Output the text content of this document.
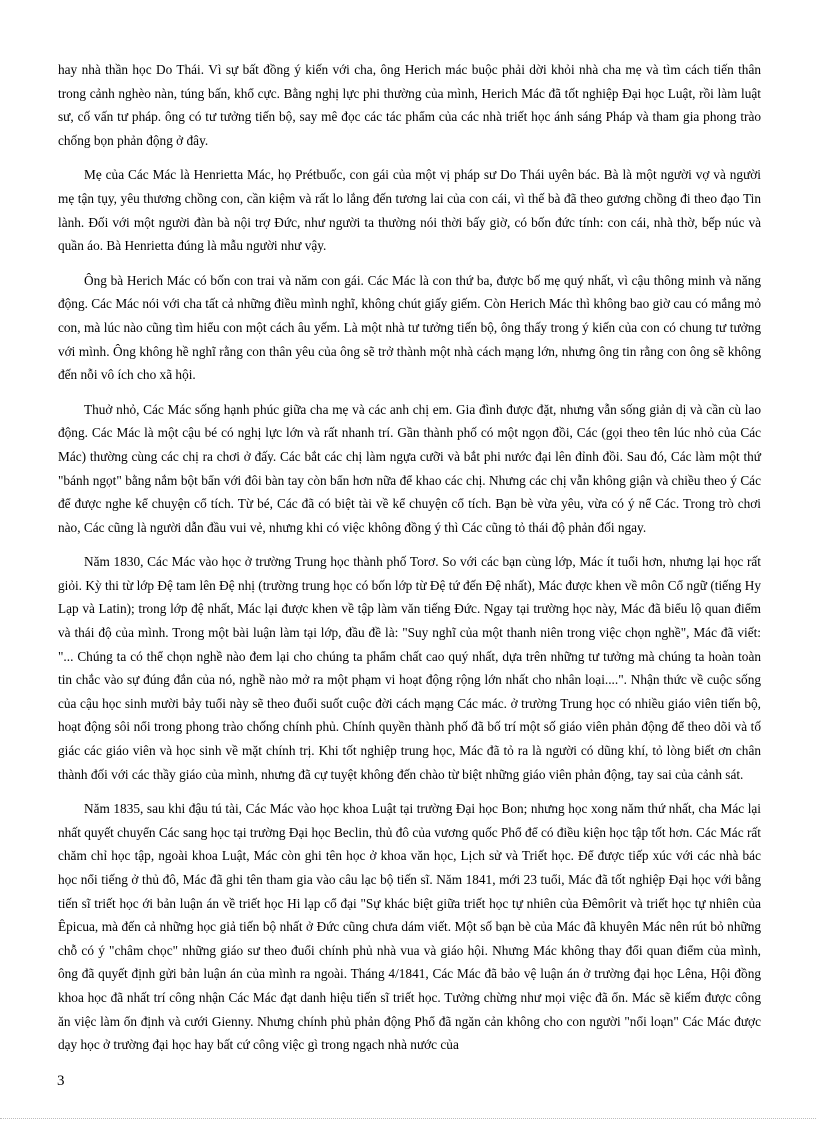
hay nhà thần học Do Thái. Vì sự bất đồng ý kiến với cha, ông Herich mác buộc phải dời khỏi nhà cha mẹ và tìm cách tiến thân trong cảnh nghèo nàn, túng bấn, khổ cực. Bằng nghị lực phi thường của mình, Herich Mác đã tốt nghiệp Đại học Luật, rồi làm luật sư, cố vấn tư pháp. ông có tư tưởng tiến bộ, say mê đọc các tác phẩm của các nhà triết học ánh sáng Pháp và tham gia phong trào chống bọn phản động ở đây.

Mẹ của Các Mác là Henrietta Mác, họ Prétbuốc, con gái của một vị pháp sư Do Thái uyên bác. Bà là một người vợ và người mẹ tận tụy, yêu thương chồng con, cần kiệm và rất lo lắng đến tương lai của con cái, vì thế bà đã theo gương chồng đi theo đạo Tin lành. Đối với một người đàn bà nội trợ Đức, như người ta thường nói thời bấy giờ, có bốn đức tính: con cái, nhà thờ, bếp núc và quần áo. Bà Henrietta đúng là mẫu người như vậy.

Ông bà Herich Mác có bốn con trai và năm con gái. Các Mác là con thứ ba, được bố mẹ quý nhất, vì cậu thông minh và năng động. Các Mác nói với cha tất cả những điều mình nghĩ, không chút giấy giếm. Còn Herich Mác thì không bao giờ cau có mắng mỏ con, mà lúc nào cũng tìm hiểu con một cách âu yếm. Là một nhà tư tưởng tiến bộ, ông thấy trong ý kiến của con có chung tư tưởng với mình. Ông không hề nghĩ rằng con thân yêu của ông sẽ trở thành một nhà cách mạng lớn, nhưng ông tin rằng con ông sẽ không đến nỗi vô ích cho xã hội.

Thuở nhỏ, Các Mác sống hạnh phúc giữa cha mẹ và các anh chị em. Gia đình được đặt, nhưng vẫn sống giản dị và cần cù lao động. Các Mác là một cậu bé có nghị lực lớn và rất nhanh trí. Gần thành phố có một ngọn đồi, Các (gọi theo tên lúc nhỏ của Các Mác) thường cùng các chị ra chơi ở đấy. Các bắt các chị làm ngựa cưỡi và bắt phi nước đại lên đỉnh đồi. Sau đó, Các làm một thứ "bánh ngọt" bằng nắm bột bẩn với đôi bàn tay còn bẩn hơn nữa để khao các chị. Nhưng các chị vẫn không giận và chiều theo ý Các để được nghe kể chuyện cổ tích. Từ bé, Các đã có biệt tài về kể chuyện cổ tích. Bạn bè vừa yêu, vừa có ý nể Các. Trong trò chơi nào, Các cũng là người dẫn đầu vui vẻ, nhưng khi có việc không đồng ý thì Các cũng tỏ thái độ phản đối ngay.

Năm 1830, Các Mác vào học ở trường Trung học thành phố Torơ. So với các bạn cùng lớp, Mác ít tuổi hơn, nhưng lại học rất giỏi. Kỳ thi từ lớp Đệ tam lên Đệ nhị (trường trung học có bốn lớp từ Đệ tứ đến Đệ nhất), Mác được khen về môn Cổ ngữ (tiếng Hy Lạp và Latin); trong lớp đệ nhất, Mác lại được khen về tập làm văn tiếng Đức. Ngay tại trường học này, Mác đã biểu lộ quan điểm và thái độ của mình. Trong một bài luận làm tại lớp, đầu đề là: "Suy nghĩ của một thanh niên trong việc chọn nghề", Mác đã viết: "... Chúng ta có thể chọn nghề nào đem lại cho chúng ta phẩm chất cao quý nhất, dựa trên những tư tưởng mà chúng ta hoàn toàn tin chắc vào sự đúng đắn của nó, nghề nào mở ra một phạm vi hoạt động rộng lớn nhất cho nhân loại....". Nhận thức về cuộc sống của cậu học sinh mười bảy tuổi này sẽ theo đuổi suốt cuộc đời cách mạng Các mác. ở trường Trung học có nhiều giáo viên tiến bộ, hoạt động sôi nổi trong phong trào chống chính phủ. Chính quyền thành phố đã bố trí một số giáo viên phản động để theo dõi và tố giác các giáo viên và học sinh về mặt chính trị. Khi tốt nghiệp trung học, Mác đã tỏ ra là người có dũng khí, tỏ lòng biết ơn chân thành đối với các thầy giáo của mình, nhưng đã cự tuyệt không đến chào từ biệt những giáo viên phản động, tay sai của cảnh sát.

Năm 1835, sau khi đậu tú tài, Các Mác vào học khoa Luật tại trường Đại học Bon; nhưng học xong năm thứ nhất, cha Mác lại nhất quyết chuyển Các sang học tại trường Đại học Beclin, thủ đô của vương quốc Phổ để có điều kiện học tập tốt hơn. Các Mác rất chăm chỉ học tập, ngoài khoa Luật, Mác còn ghi tên học ở khoa văn học, Lịch sử và Triết học. Để được tiếp xúc với các nhà bác học nổi tiếng ở thủ đô, Mác đã ghi tên tham gia vào câu lạc bộ tiến sĩ. Năm 1841, mới 23 tuổi, Mác đã tốt nghiệp Đại học với bằng tiến sĩ triết học ới bản luận án về triết học Hi lạp cổ đại "Sự khác biệt giữa triết học tự nhiên của Đêmôrit và triết học tự nhiên của Êpicua, mà đến cả những học giả tiến bộ nhất ở Đức cũng chưa dám viết. Một số bạn bè của Mác đã khuyên Mác nên rút bỏ những chỗ có ý "châm chọc" những giáo sư theo đuổi chính phủ nhà vua và giáo hội. Nhưng Mác không thay đổi quan điểm của mình, ông đã quyết định gửi bản luận án của mình ra ngoài. Tháng 4/1841, Các Mác đã bảo vệ luận án ở trường đại học Lêna, Hội đồng khoa học đã nhất trí công nhận Các Mác đạt danh hiệu tiến sĩ triết học. Tưởng chừng như mọi việc đã ổn. Mác sẽ kiếm được công ăn việc làm ổn định và cưới Gienny. Nhưng chính phủ phản động Phổ đã ngăn cản không cho con người "nổi loạn" Các Mác được dạy học ở trường đại học hay bất cứ công việc gì trong ngạch nhà nước của

3
